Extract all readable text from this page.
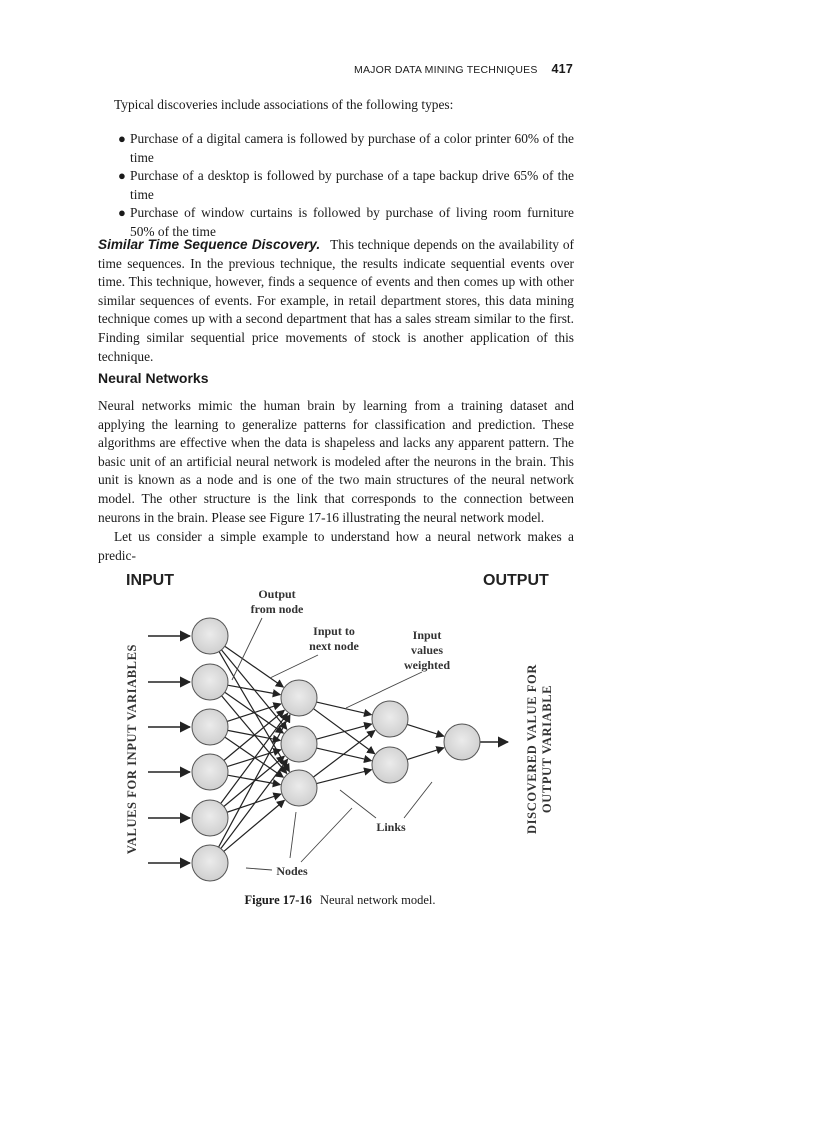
MAJOR DATA MINING TECHNIQUES 417
Typical discoveries include associations of the following types:
● Purchase of a digital camera is followed by purchase of a color printer 60% of the time
● Purchase of a desktop is followed by purchase of a tape backup drive 65% of the time
● Purchase of window curtains is followed by purchase of living room furniture 50% of the time
Similar Time Sequence Discovery. This technique depends on the availability of time sequences. In the previous technique, the results indicate sequential events over time. This technique, however, finds a sequence of events and then comes up with other similar sequences of events. For example, in retail department stores, this data mining technique comes up with a second department that has a sales stream similar to the first. Finding similar sequential price movements of stock is another application of this technique.
Neural Networks
Neural networks mimic the human brain by learning from a training dataset and applying the learning to generalize patterns for classification and prediction. These algorithms are effective when the data is shapeless and lacks any apparent pattern. The basic unit of an artificial neural network is modeled after the neurons in the brain. This unit is known as a node and is one of the two main structures of the neural network model. The other structure is the link that corresponds to the connection between neurons in the brain. Please see Figure 17-16 illustrating the neural network model.
Let us consider a simple example to understand how a neural network makes a predic-
INPUT	OUTPUT
VALUES FOR INPUT VARIABLES	DISCOVERED VALUE FOR OUTPUT VARIABLE
Output
from node
Input to
next node
Input
values
weighted
Links
Nodes
Figure 17-16 Neural network model.
